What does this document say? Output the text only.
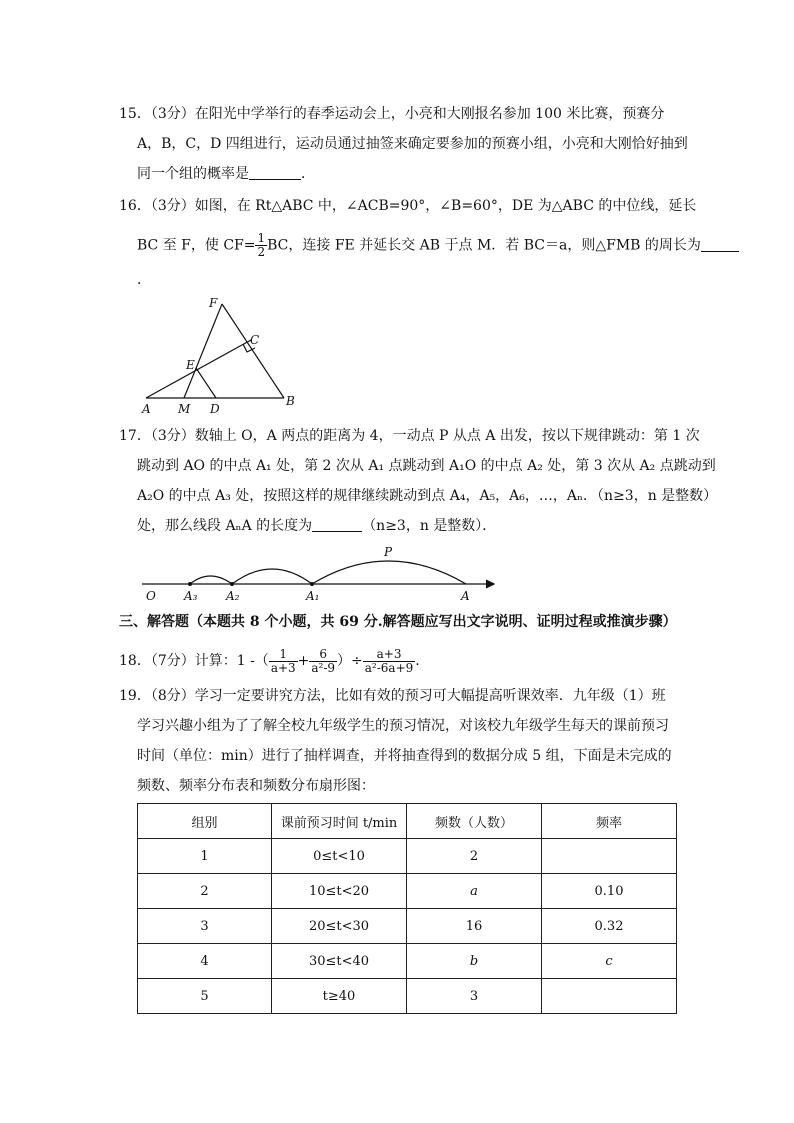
15．（3分）在阳光中学举行的春季运动会上，小亮和大刚报名参加 100 米比赛，预赛分
A，B，C，D 四组进行，运动员通过抽签来确定要参加的预赛小组，小亮和大刚恰好抽到
同一个组的概率是	．
16．（3分）如图，在 Rt△ABC 中，∠ACB=90°，∠B=60°，DE 为△ABC 的中位线，延长
BC 至 F，使 $CF= \frac{1}{2}$ BC，连接 FE 并延长交 AB 于点 M．若 BC＝a，则△FMB 的周长为
．
F
C
E
A M D
B
17．（3分）数轴上 O，A 两点的距离为 4，一动点 P 从点 A 出发，按以下规律跳动：第 1 次
跳动到 AO 的中点 A₁ 处，第 2 次从 A₁ 点跳动到 A₁O 的中点 A₂ 处，第 3 次从 A₂ 点跳动到
A₂O 的中点 A₃ 处，按照这样的规律继续跳动到点 A₄，A₅，A₆，…，Aₙ．（n≥3，n 是整数）
处，那么线段 AₙA 的长度为	（n≥3，n 是整数）．
P
O A₃ A₂	A₁	A
三、解答题（本题共 8 个小题，共 69 分.解答题应写出文字说明、证明过程或推演步骤）
18．（7分）计算：1 -（ $\frac{1}{a+3} + \frac{6}{\text{a²-9}}$ ）÷ $\frac{a+3}{\text{a²-6a+9}}$ .
19．（8分）学习一定要讲究方法，比如有效的预习可大幅提高听课效率．九年级（1）班
学习兴趣小组为了了解全校九年级学生的预习情况，对该校九年级学生每天的课前预习
时间（单位：min）进行了抽样调查，并将抽查得到的数据分成 5 组，下面是未完成的
频数、频率分布表和频数分布扇形图：
组别	课前预习时间 t/min	频数（人数）	频率
1	0≤t<10	2	
2	10≤t<20	a	0.10
3	20≤t<30	16	0.32
4	30≤t<40	b	c
5	t≥40	3	
